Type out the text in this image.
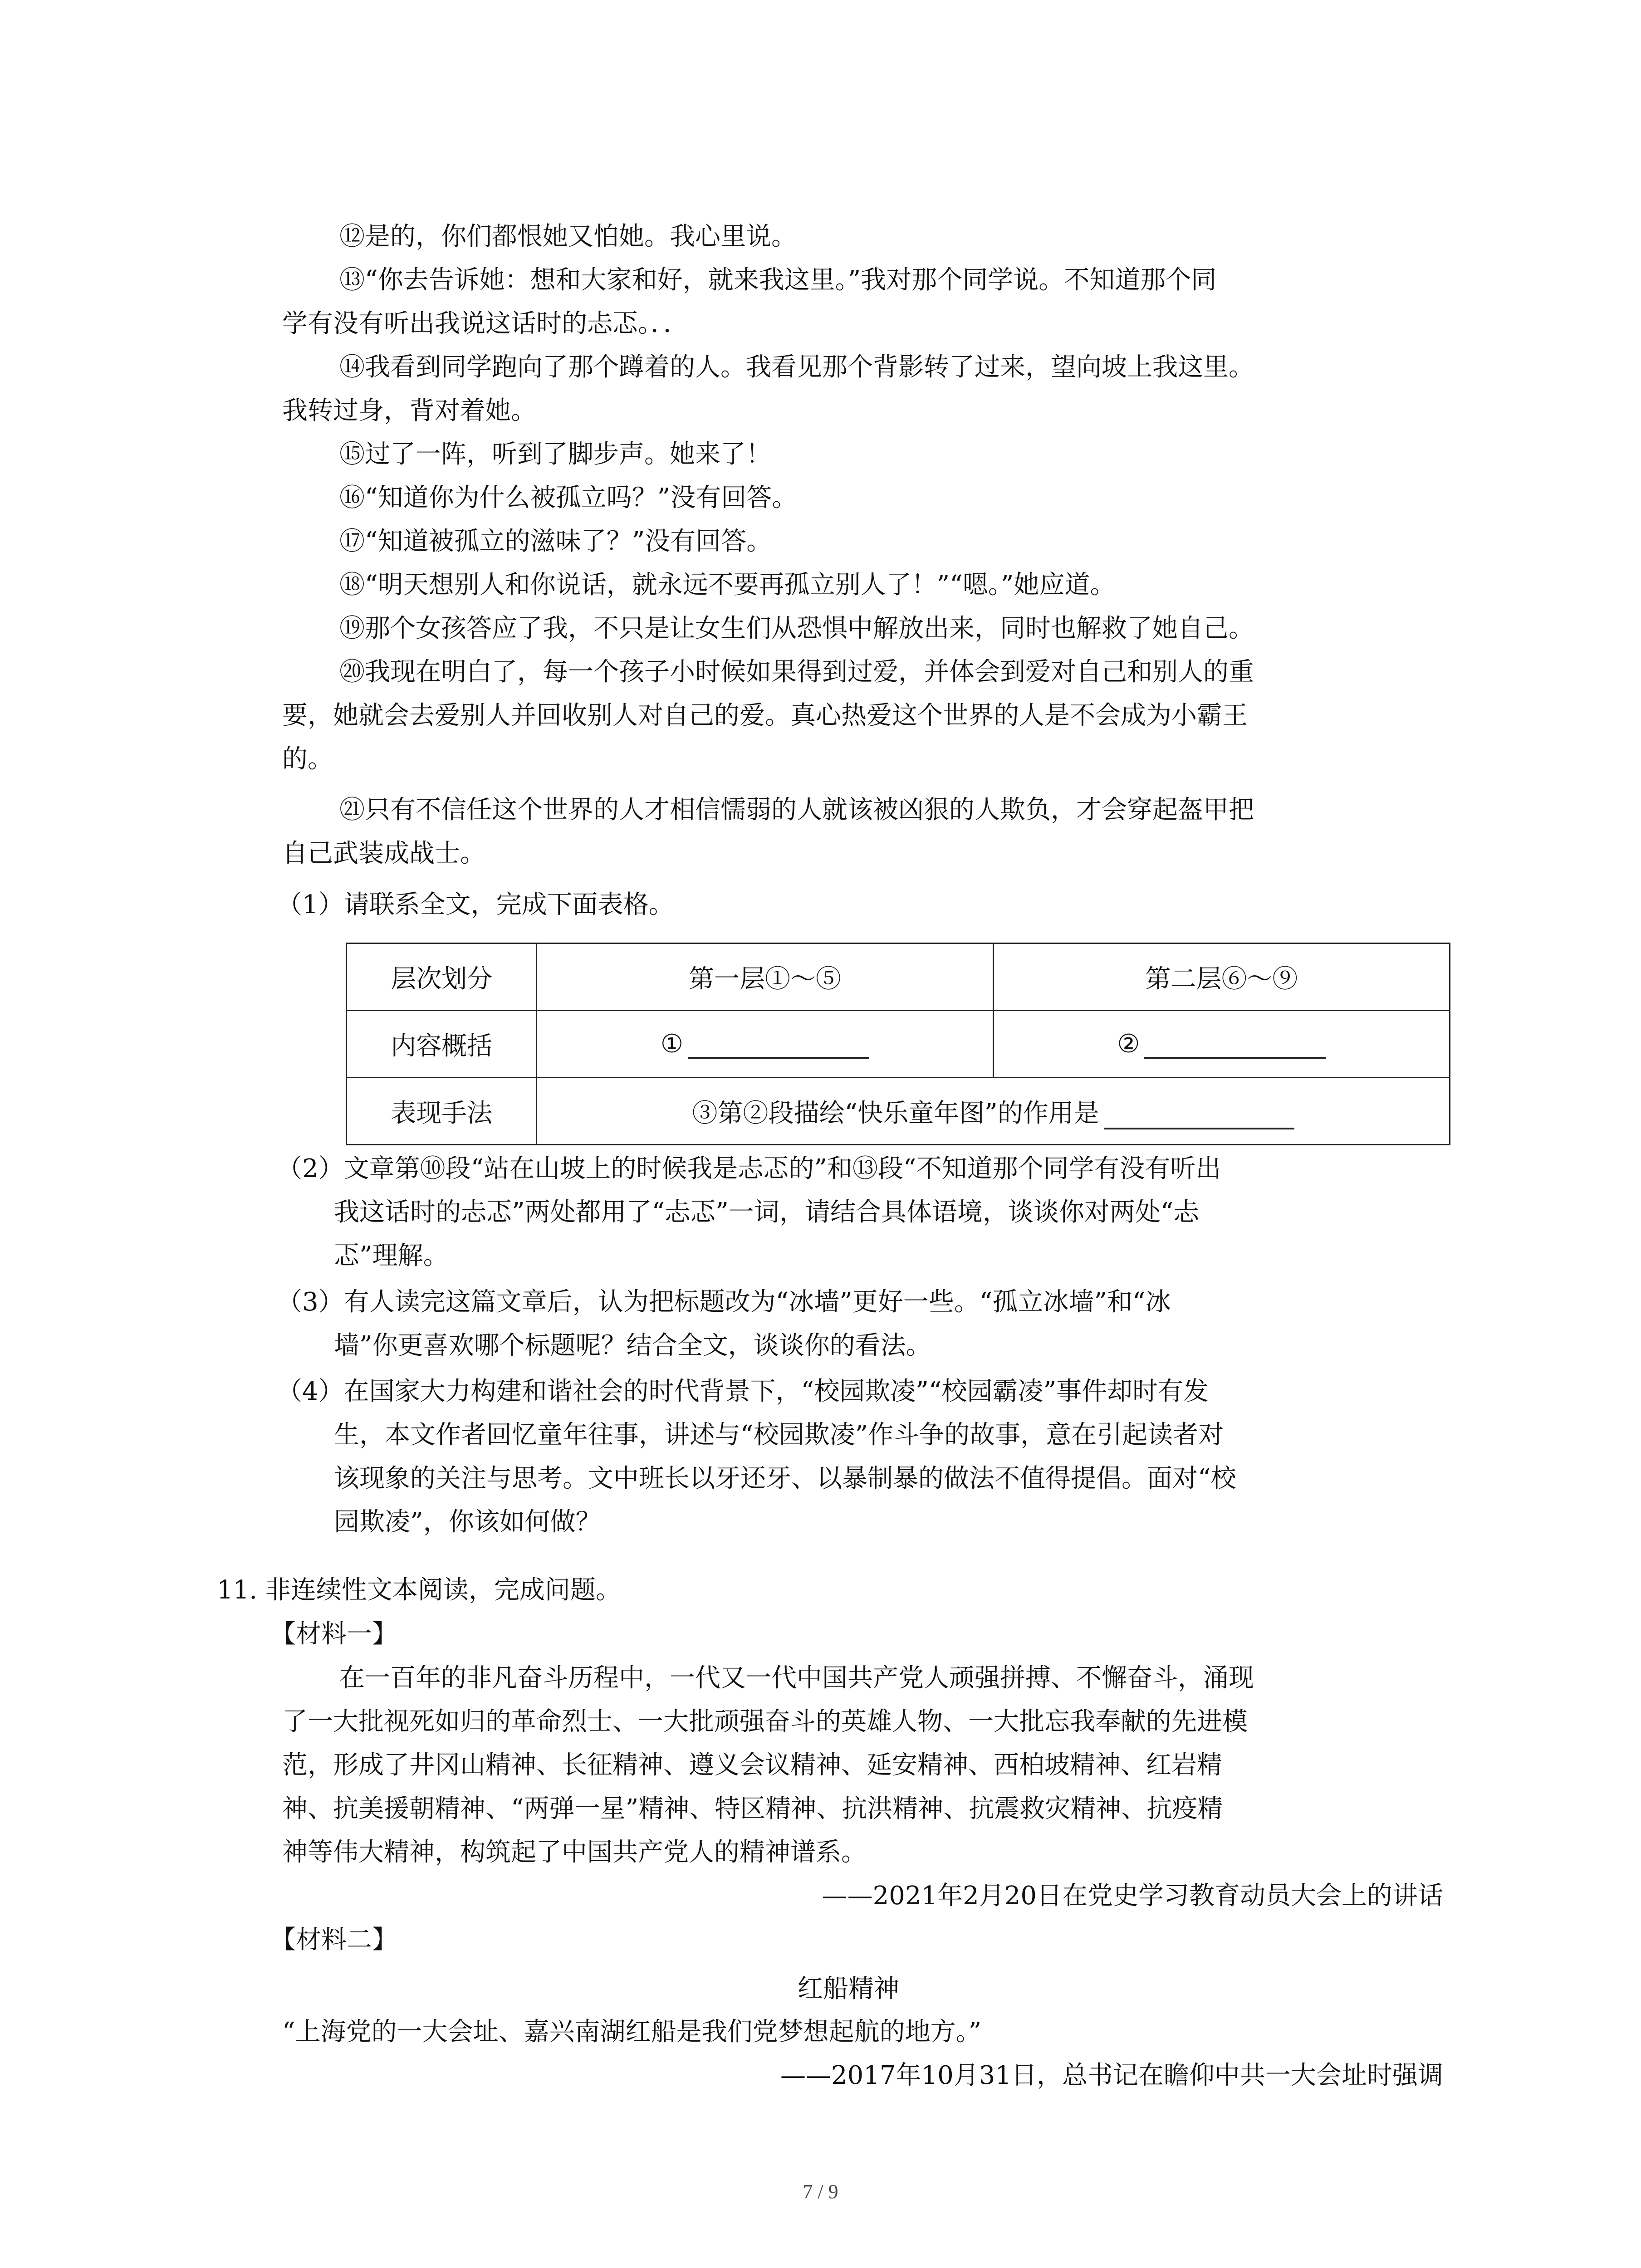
⑫是的，你们都恨她又怕她。我心里说。
⑬“你去告诉她：想和大家和好，就来我这里。”我对那个同学说。不知道那个同
学有没有听出我说这话时的忐忑。．．
⑭我看到同学跑向了那个蹲着的人。我看见那个背影转了过来，望向坡上我这里。
我转过身，背对着她。
⑮过了一阵，听到了脚步声。她来了！
⑯“知道你为什么被孤立吗？”没有回答。
⑰“知道被孤立的滋味了？”没有回答。
⑱“明天想别人和你说话，就永远不要再孤立别人了！”“嗯。”她应道。
⑲那个女孩答应了我，不只是让女生们从恐惧中解放出来，同时也解救了她自己。
⑳我现在明白了，每一个孩子小时候如果得到过爱，并体会到爱对自己和别人的重
要，她就会去爱别人并回收别人对自己的爱。真心热爱这个世界的人是不会成为小霸王
的。
㉑只有不信任这个世界的人才相信懦弱的人就该被凶狠的人欺负，才会穿起盔甲把
自己武装成战士。
（1）请联系全文，完成下面表格。
层次划分	第一层①～⑤	第二层⑥～⑨
内容概括	①	②
表现手法	③第②段描绘“快乐童年图”的作用是	
（2）文章第⑩段“站在山坡上的时候我是忐忑的”和⑬段“不知道那个同学有没有听出
我这话时的忐忑”两处都用了“忐忑”一词，请结合具体语境，谈谈你对两处“忐
忑”理解。
（3）有人读完这篇文章后，认为把标题改为“冰墙”更好一些。“孤立冰墙”和“冰
墙”你更喜欢哪个标题呢？结合全文，谈谈你的看法。
（4）在国家大力构建和谐社会的时代背景下，“校园欺凌”“校园霸凌”事件却时有发
生，本文作者回忆童年往事，讲述与“校园欺凌”作斗争的故事，意在引起读者对
该现象的关注与思考。文中班长以牙还牙、以暴制暴的做法不值得提倡。面对“校
园欺凌”，你该如何做？
11. 非连续性文本阅读，完成问题。
【材料一】
在一百年的非凡奋斗历程中，一代又一代中国共产党人顽强拼搏、不懈奋斗，涌现
了一大批视死如归的革命烈士、一大批顽强奋斗的英雄人物、一大批忘我奉献的先进模
范，形成了井冈山精神、长征精神、遵义会议精神、延安精神、西柏坡精神、红岩精
神、抗美援朝精神、“两弹一星”精神、特区精神、抗洪精神、抗震救灾精神、抗疫精
神等伟大精神，构筑起了中国共产党人的精神谱系。
——2021年2月20日在党史学习教育动员大会上的讲话
【材料二】
红船精神
“上海党的一大会址、嘉兴南湖红船是我们党梦想起航的地方。”
——2017年10月31日，总书记在瞻仰中共一大会址时强调
7 / 9
